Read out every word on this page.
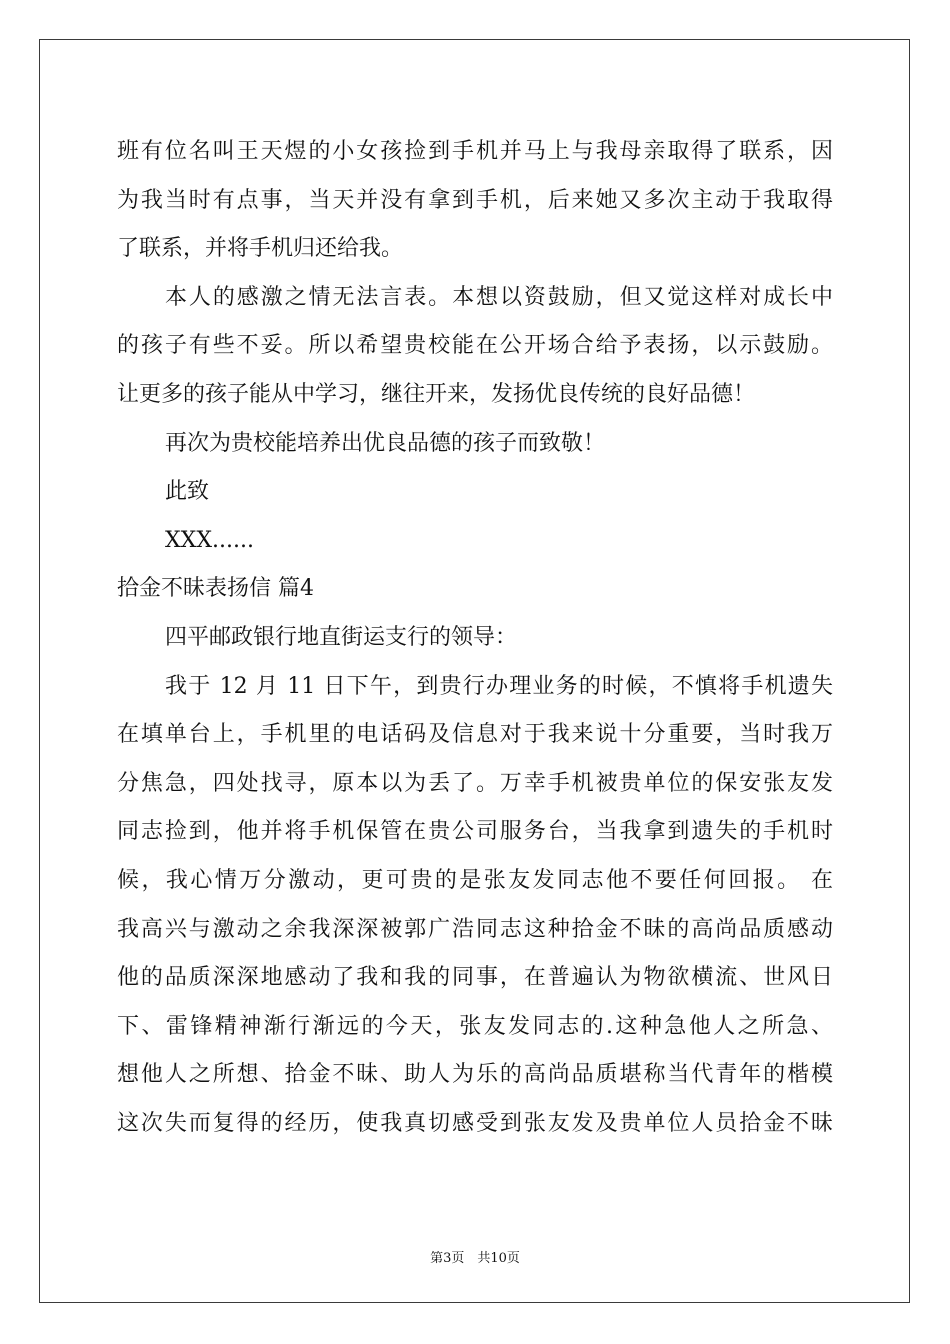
班有位名叫王天煜的小女孩捡到手机并马上与我母亲取得了联系，因
为我当时有点事，当天并没有拿到手机，后来她又多次主动于我取得
了联系，并将手机归还给我。
本人的感激之情无法言表。本想以资鼓励，但又觉这样对成长中
的孩子有些不妥。所以希望贵校能在公开场合给予表扬，以示鼓励。
让更多的孩子能从中学习，继往开来，发扬优良传统的良好品德！
再次为贵校能培养出优良品德的孩子而致敬！
此致
XXX......
拾金不昧表扬信 篇4
四平邮政银行地直街运支行的领导：
我于 12 月 11 日下午，到贵行办理业务的时候，不慎将手机遗失
在填单台上，手机里的电话码及信息对于我来说十分重要，当时我万
分焦急，四处找寻，原本以为丢了。万幸手机被贵单位的保安张友发
同志捡到，他并将手机保管在贵公司服务台，当我拿到遗失的手机时
候，我心情万分激动，更可贵的是张友发同志他不要任何回报。 在
我高兴与激动之余我深深被郭广浩同志这种拾金不昧的高尚品质感动
他的品质深深地感动了我和我的同事，在普遍认为物欲横流、世风日
下、雷锋精神渐行渐远的今天，张友发同志的.这种急他人之所急、
想他人之所想、拾金不昧、助人为乐的高尚品质堪称当代青年的楷模
这次失而复得的经历，使我真切感受到张友发及贵单位人员拾金不昧
第3页　共10页
